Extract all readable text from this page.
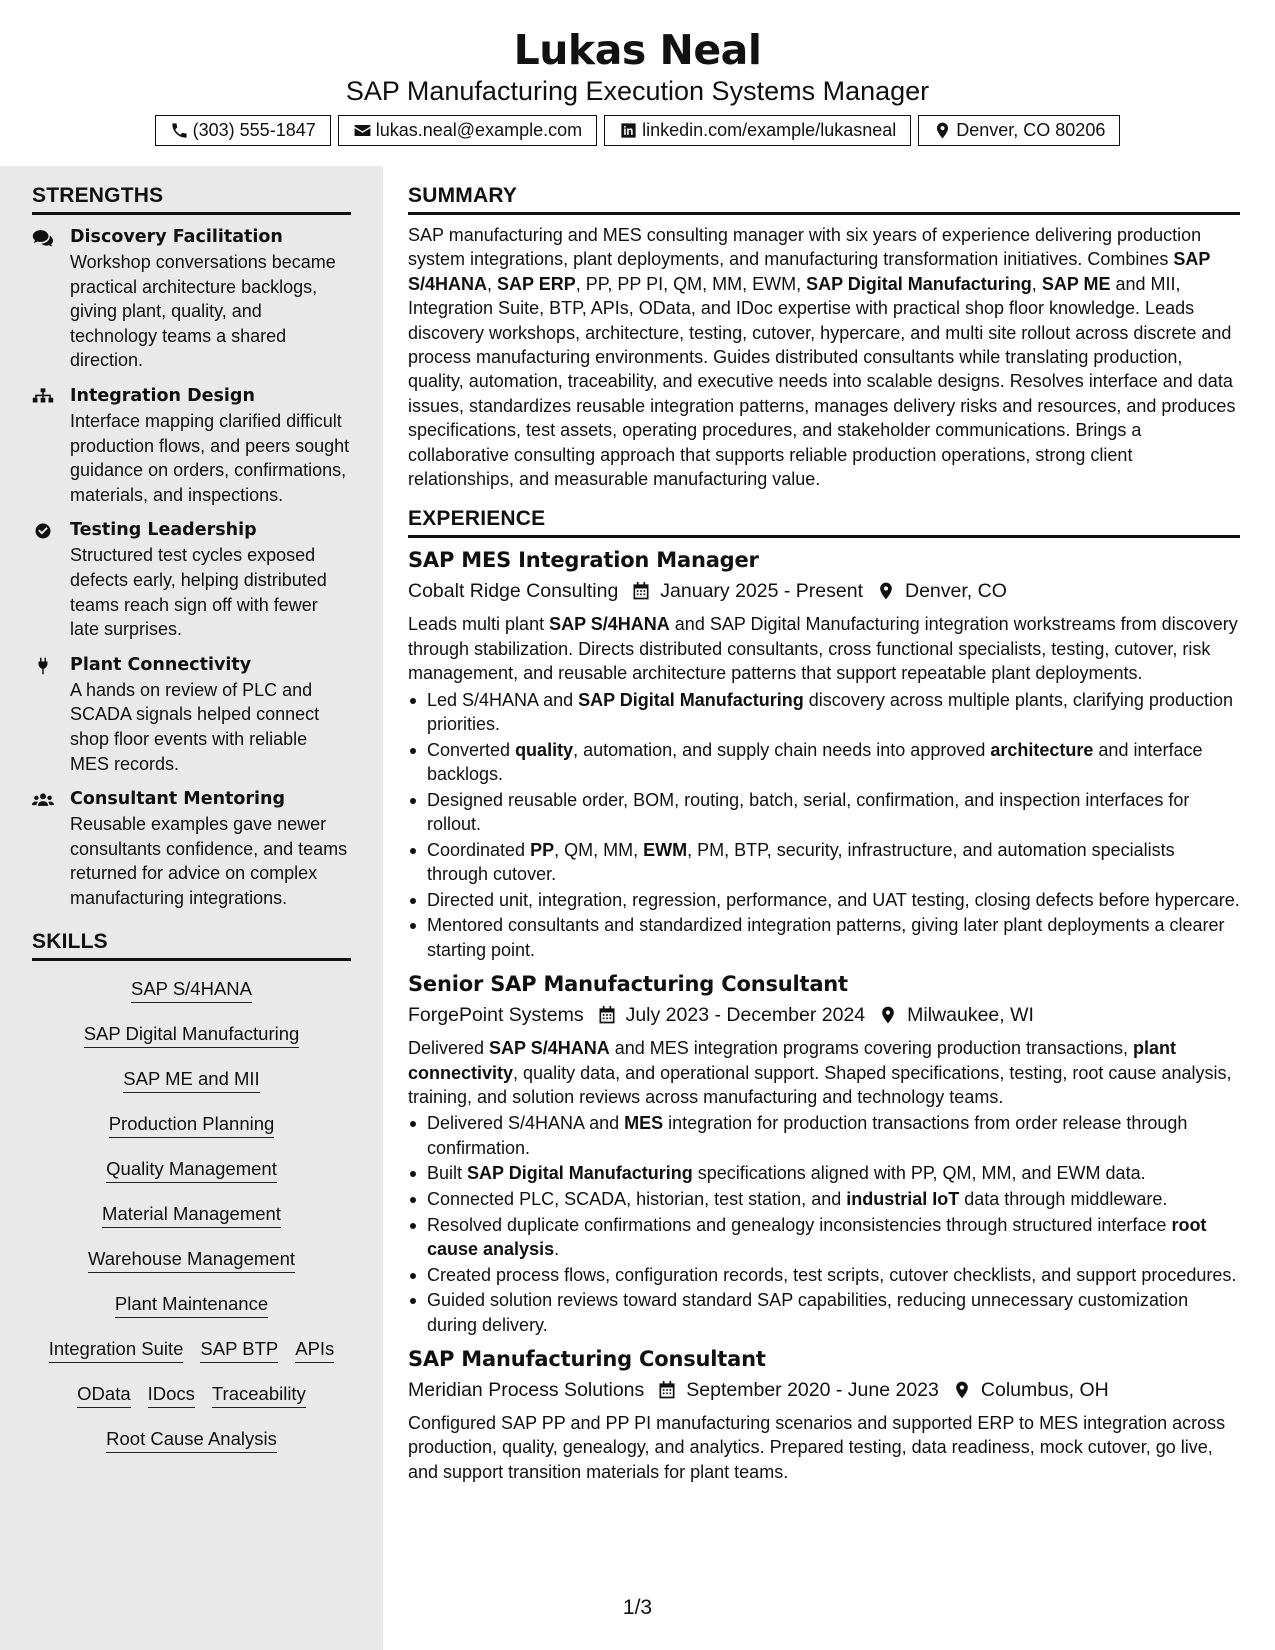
Lukas Neal
SAP Manufacturing Execution Systems Manager
(303) 555-1847	lukas.neal@example.com	linkedin.com/example/lukasneal	Denver, CO 80206
STRENGTHS
Discovery Facilitation
Workshop conversations became practical architecture backlogs, giving plant, quality, and technology teams a shared direction.
Integration Design
Interface mapping clarified difficult production flows, and peers sought guidance on orders, confirmations, materials, and inspections.
Testing Leadership
Structured test cycles exposed defects early, helping distributed teams reach sign off with fewer late surprises.
Plant Connectivity
A hands on review of PLC and SCADA signals helped connect shop floor events with reliable MES records.
Consultant Mentoring
Reusable examples gave newer consultants confidence, and teams returned for advice on complex manufacturing integrations.
SKILLS
SAP S/4HANA
SAP Digital Manufacturing
SAP ME and MII
Production Planning
Quality Management
Material Management
Warehouse Management
Plant Maintenance
Integration Suite SAP BTP APIs
OData IDocs Traceability
Root Cause Analysis
SUMMARY
SAP manufacturing and MES consulting manager with six years of experience delivering production system integrations, plant deployments, and manufacturing transformation initiatives. Combines SAP S/4HANA, SAP ERP, PP, PP PI, QM, MM, EWM, SAP Digital Manufacturing, SAP ME and MII, Integration Suite, BTP, APIs, OData, and IDoc expertise with practical shop floor knowledge. Leads discovery workshops, architecture, testing, cutover, hypercare, and multi site rollout across discrete and process manufacturing environments. Guides distributed consultants while translating production, quality, automation, traceability, and executive needs into scalable designs. Resolves interface and data issues, standardizes reusable integration patterns, manages delivery risks and resources, and produces specifications, test assets, operating procedures, and stakeholder communications. Brings a collaborative consulting approach that supports reliable production operations, strong client relationships, and measurable manufacturing value.
EXPERIENCE
SAP MES Integration Manager
Cobalt Ridge Consulting January 2025 - Present Denver, CO
Leads multi plant SAP S/4HANA and SAP Digital Manufacturing integration workstreams from discovery through stabilization. Directs distributed consultants, cross functional specialists, testing, cutover, risk management, and reusable architecture patterns that support repeatable plant deployments.
Led S/4HANA and SAP Digital Manufacturing discovery across multiple plants, clarifying production priorities.
Converted quality, automation, and supply chain needs into approved architecture and interface backlogs.
Designed reusable order, BOM, routing, batch, serial, confirmation, and inspection interfaces for rollout.
Coordinated PP, QM, MM, EWM, PM, BTP, security, infrastructure, and automation specialists through cutover.
Directed unit, integration, regression, performance, and UAT testing, closing defects before hypercare.
Mentored consultants and standardized integration patterns, giving later plant deployments a clearer starting point.
Senior SAP Manufacturing Consultant
ForgePoint Systems July 2023 - December 2024 Milwaukee, WI
Delivered SAP S/4HANA and MES integration programs covering production transactions, plant connectivity, quality data, and operational support. Shaped specifications, testing, root cause analysis, training, and solution reviews across manufacturing and technology teams.
Delivered S/4HANA and MES integration for production transactions from order release through confirmation.
Built SAP Digital Manufacturing specifications aligned with PP, QM, MM, and EWM data.
Connected PLC, SCADA, historian, test station, and industrial IoT data through middleware.
Resolved duplicate confirmations and genealogy inconsistencies through structured interface root cause analysis.
Created process flows, configuration records, test scripts, cutover checklists, and support procedures.
Guided solution reviews toward standard SAP capabilities, reducing unnecessary customization during delivery.
SAP Manufacturing Consultant
Meridian Process Solutions September 2020 - June 2023 Columbus, OH
Configured SAP PP and PP PI manufacturing scenarios and supported ERP to MES integration across production, quality, genealogy, and analytics. Prepared testing, data readiness, mock cutover, go live, and support transition materials for plant teams.
1/3
